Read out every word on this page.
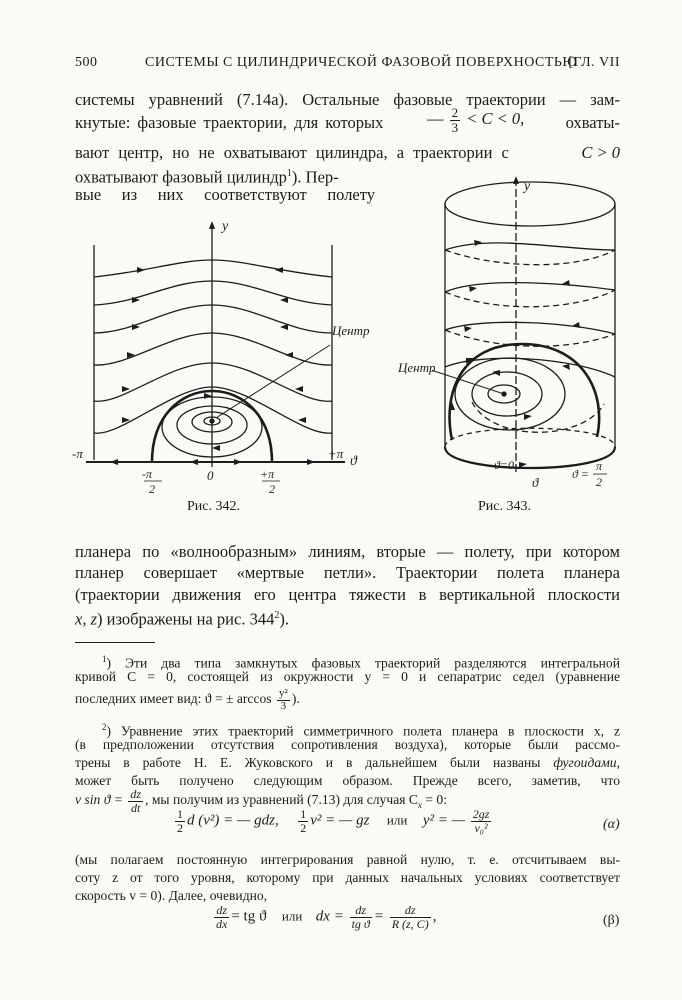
500	СИСТЕМЫ С ЦИЛИНДРИЧЕСКОЙ ФАЗОВОЙ ПОВЕРХНОСТЬЮ
[ГЛ. VII
системы уравнений (7.14а). Остальные фазовые траектории — зам-
кнутые: фазовые траектории, для которых	— $\frac{2}{3} < C < 0$,	охваты-
вают центр, но не охватывают цилиндра, а траектории с	C > 0
охватывают фазовый цилиндр$^1$). Пер-
вые из них соответствуют полету
y
Центр
-π	+π
ϑ
0
-π
2
+π
2
Рис. 342.
y
ϑ=0
ϑ
ϑ =
π
2
Центр
Рис. 343.
планера по «волнообразным» линиям, вторые — полету, при котором
планер совершает «мертвые петли». Траектории полета планера
(траектории движения его центра тяжести в вертикальной плоскости
x, z) изображены на рис. $344^2$).
$^1$) Эти два типа замкнутых фазовых траекторий разделяются интегральной
кривой C = 0, состоящей из окружности y = 0 и сепаратрис седел (уравнение
последних имеет вид: ϑ = ± $\arccos \frac{\text{y²}}{3}$ ).
$^2$) Уравнение этих траекторий симметричного полета планера в плоскости x, z
(в предположении отсутствия сопротивления воздуха), которые были рассмо-
трены в работе Н. Е. Жуковского и в дальнейшем были названы фугоидами,
может быть получено следующим образом. Прежде всего, заметив, что
v $\sin ϑ = \frac{dz}{dt}$ , мы получим из уравнений (7.13) для случая $C_x = 0$:
$\frac{1}{2}$ d (v²) = — gdz, $\frac{1}{2} v^2$ = — gz или y² = — $\frac{2gz}{\text{v₀²}}$	(α)
(мы полагаем постоянную интегрирования равной нулю, т. е. отсчитываем вы-
соту z от того уровня, которому при данных начальных условиях соответствует
скорость v = 0). Далее, очевидно,
$\frac{dz}{dx}$ = tg ϑ или dx = $\frac{dz}{\text{tg ϑ}} = \frac{dz}{R (z, C)}$ ,	(β)
